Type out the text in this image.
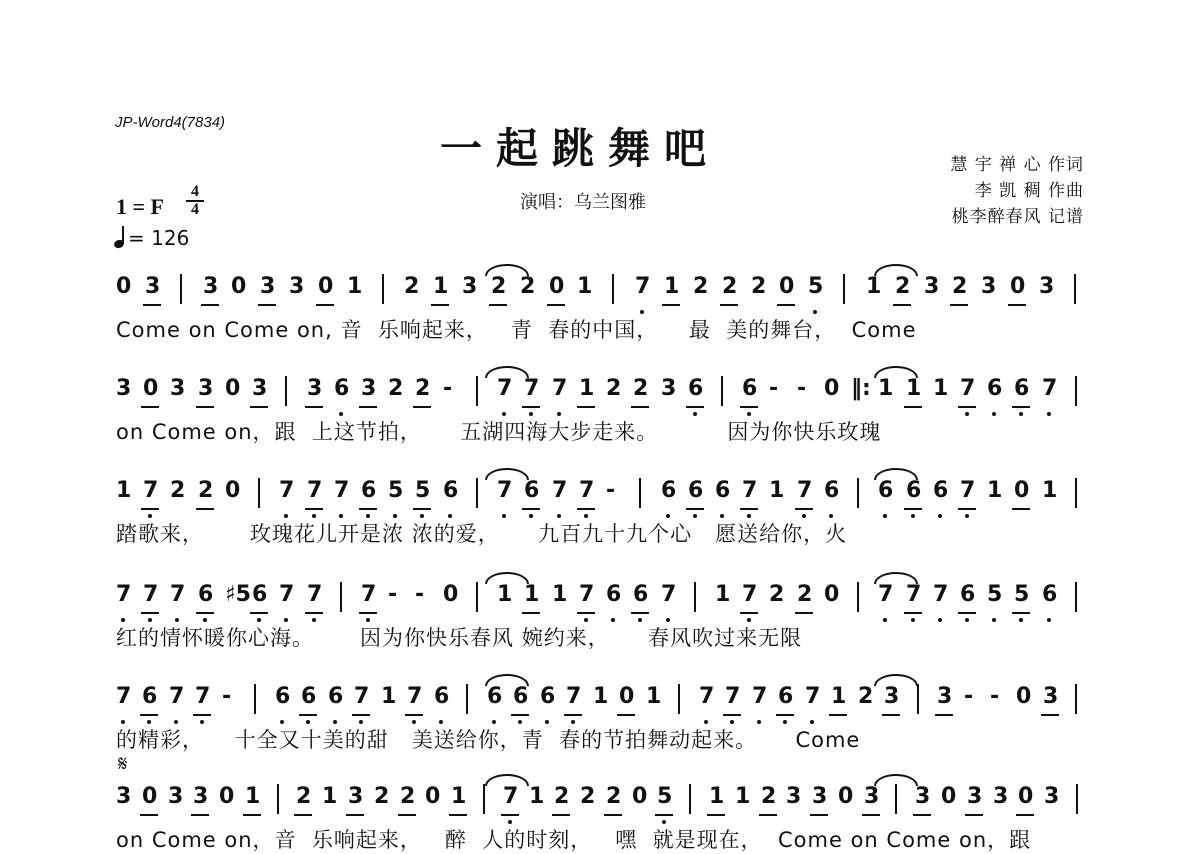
JP-Word4(7834)
一起跳舞吧
演唱：乌兰图雅
慧 宇 禅 心 作词
李 凯 稠 作曲
桃李醉春风 记谱
1 = F
4
4
= 126
𝄋
0 3 3 0 3 3 0 1 2 1 3 2 2 0 1 7 1 2 2 2 0 5 1 2 3 2 3 0 3
Come on Come on, 音  乐响起来，   青  春的中国，    最  美的舞台，  Come
3 0 3 3 0 3 3 6 3 2 2 - 7 7 7 1 2 2 3 6 6 - - 0 ‖: 1 1 1 7 6 6 7
on Come on，跟  上这节拍，     五湖四海大步走来。         因为你快乐玫瑰
1 7 2 2 0 7 7 7 6 5 5 6 7 6 7 7 - 6 6 6 7 1 7 6 6 6 6 7 1 0 1
踏歌来，      玫瑰花儿开是浓 浓的爱，     九百九十九个心   愿送给你，火
7 7 7 6 ♯5 6 7 7 7 - - 0 1 1 1 7 6 6 7 1 7 2 2 0 7 7 7 6 5 5 6
红的情怀暖你心海。      因为你快乐春风 婉约来，     春风吹过来无限
7 6 7 7 - 6 6 6 7 1 7 6 6 6 6 7 1 0 1 7 7 7 6 7 1 2 3 3 - - 0 3
的精彩，    十全又十美的甜   美送给你，青  春的节拍舞动起来。     Come
3 0 3 3 0 1 2 1 3 2 2 0 1 7 1 2 2 2 0 5 1 1 2 3 3 0 3 3 0 3 3 0 3
on Come on，音  乐响起来，   醉  人的时刻，   嘿  就是现在，  Come on Come on，跟
